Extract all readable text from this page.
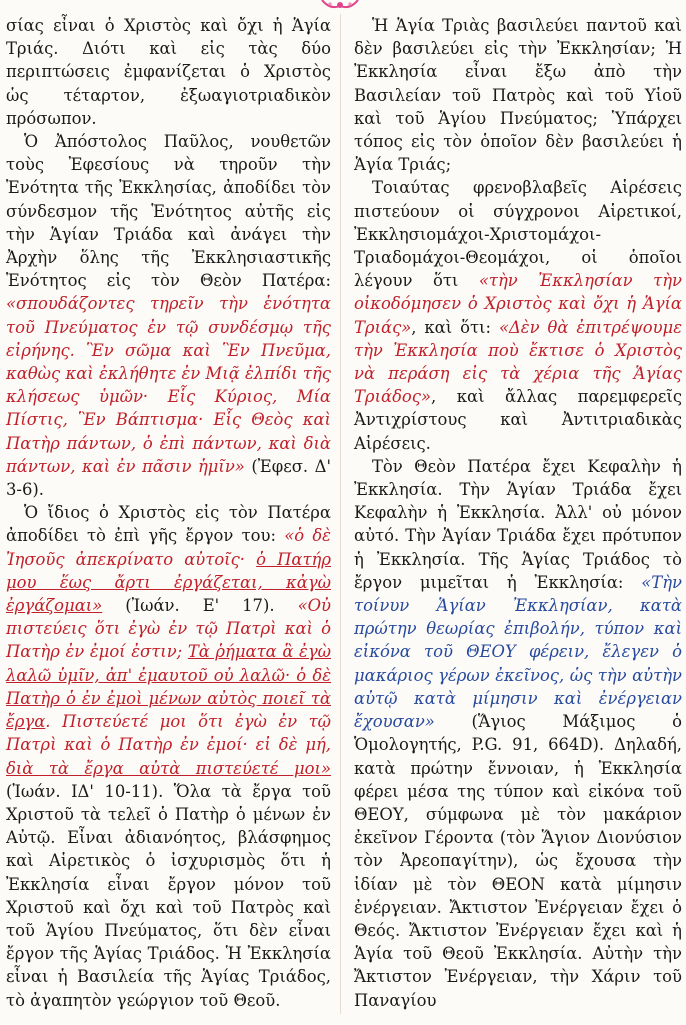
σίας εἶναι ὁ Χριστὸς καὶ ὄχι ἡ Ἁγία Τριάς. Διότι καὶ εἰς τὰς δύο περιπτώσεις ἐμφανίζεται ὁ Χριστὸς ὡς τέταρτον, ἐξωαγιοτριαδικὸν πρόσωπον.

Ὁ Ἀπόστολος Παῦλος, νουθετῶν τοὺς Ἐφεσίους νὰ τηροῦν τὴν Ἑνότητα τῆς Ἐκκλησίας, ἀποδίδει τὸν σύνδεσμον τῆς Ἑνότητος αὐτῆς εἰς τὴν Ἁγίαν Τριάδα καὶ ἀνάγει τὴν Ἀρχὴν ὅλης τῆς Ἐκκλησιαστικῆς Ἑνότητος εἰς τὸν Θεὸν Πατέρα: «σπουδάζοντες τηρεῖν τὴν ἑνότητα τοῦ Πνεύματος ἐν τῷ συνδέσμῳ τῆς εἰρήνης. Ἓν σῶμα καὶ Ἓν Πνεῦμα, καθὼς καὶ ἐκλήθητε ἐν Μιᾷ ἐλπίδι τῆς κλήσεως ὑμῶν· Εἷς Κύριος, Μία Πίστις, Ἓν Βάπτισμα· Εἷς Θεὸς καὶ Πατὴρ πάντων, ὁ ἐπὶ πάντων, καὶ διὰ πάντων, καὶ ἐν πᾶσιν ἡμῖν» (Ἐφεσ. Δ' 3-6).

Ὁ ἴδιος ὁ Χριστὸς εἰς τὸν Πατέρα ἀποδίδει τὸ ἐπὶ γῆς ἔργον του: «ὁ δὲ Ἰησοῦς ἀπεκρίνατο αὐτοῖς· ὁ Πατήρ μου ἕως ἄρτι ἐργάζεται, κἀγὼ ἐργάζομαι» (Ἰωάν. Ε' 17). «Οὐ πιστεύεις ὅτι ἐγὼ ἐν τῷ Πατρὶ καὶ ὁ Πατὴρ ἐν ἐμοί ἐστιν; Τὰ ῥήματα ἃ ἐγὼ λαλῶ ὑμῖν, ἀπ' ἐμαυτοῦ οὐ λαλῶ· ὁ δὲ Πατὴρ ὁ ἐν ἐμοὶ μένων αὐτὸς ποιεῖ τὰ ἔργα. Πιστεύετέ μοι ὅτι ἐγὼ ἐν τῷ Πατρὶ καὶ ὁ Πατὴρ ἐν ἐμοί· εἰ δὲ μή, διὰ τὰ ἔργα αὐτὰ πιστεύετέ μοι» (Ἰωάν. ΙΔ' 10-11). Ὅλα τὰ ἔργα τοῦ Χριστοῦ τὰ τελεῖ ὁ Πατὴρ ὁ μένων ἐν Αὐτῷ. Εἶναι ἀδιανόητος, βλάσφημος καὶ Αἱρετικὸς ὁ ἰσχυρισμὸς ὅτι ἡ Ἐκκλησία εἶναι ἔργον μόνον τοῦ Χριστοῦ καὶ ὄχι καὶ τοῦ Πατρὸς καὶ τοῦ Ἁγίου Πνεύματος, ὅτι δὲν εἶναι ἔργον τῆς Ἁγίας Τριάδος. Ἡ Ἐκκλησία εἶναι ἡ Βασιλεία τῆς Ἁγίας Τριάδος, τὸ ἀγαπητὸν γεώργιον τοῦ Θεοῦ.

Ἡ Ἁγία Τριὰς βασιλεύει παντοῦ καὶ δὲν βασιλεύει εἰς τὴν Ἐκκλησίαν; Ἡ Ἐκκλησία εἶναι ἔξω ἀπὸ τὴν Βασιλείαν τοῦ Πατρὸς καὶ τοῦ Υἱοῦ καὶ τοῦ Ἁγίου Πνεύματος; Ὑπάρχει τόπος εἰς τὸν ὁποῖον δὲν βασιλεύει ἡ Ἁγία Τριάς;

Τοιαύτας φρενοβλαβεῖς Αἱρέσεις πιστεύουν οἱ σύγχρονοι Αἱρετικοί, Ἐκκλησιομάχοι-Χριστομάχοι-Τριαδομάχοι-Θεομάχοι, οἱ ὁποῖοι λέγουν ὅτι «τὴν Ἐκκλησίαν τὴν οἰκοδόμησεν ὁ Χριστὸς καὶ ὄχι ἡ Ἁγία Τριάς», καὶ ὅτι: «Δὲν θὰ ἐπιτρέψουμε τὴν Ἐκκλησία ποὺ ἔκτισε ὁ Χριστὸς νὰ περάση εἰς τὰ χέρια τῆς Ἁγίας Τριάδος», καὶ ἄλλας παρεμφερεῖς Ἀντιχρίστους καὶ Ἀντιτριαδικὰς Αἱρέσεις.

Τὸν Θεὸν Πατέρα ἔχει Κεφαλὴν ἡ Ἐκκλησία. Τὴν Ἁγίαν Τριάδα ἔχει Κεφαλὴν ἡ Ἐκκλησία. Ἀλλ' οὐ μόνον αὐτό. Τὴν Ἁγίαν Τριάδα ἔχει πρότυπον ἡ Ἐκκλησία. Τῆς Ἁγίας Τριάδος τὸ ἔργον μιμεῖται ἡ Ἐκκλησία: «Τὴν τοίνυν Ἁγίαν Ἐκκλησίαν, κατὰ πρώτην θεωρίας ἐπιβολήν, τύπον καὶ εἰκόνα τοῦ ΘΕΟΥ φέρειν, ἔλεγεν ὁ μακάριος γέρων ἐκεῖνος, ὡς τὴν αὐτὴν αὐτῷ κατὰ μίμησιν καὶ ἐνέργειαν ἔχουσαν» (Ἅγιος Μάξιμος ὁ Ὁμολογητής, P.G. 91, 664D). Δηλαδή, κατὰ πρώτην ἔννοιαν, ἡ Ἐκκλησία φέρει μέσα της τύπον καὶ εἰκόνα τοῦ ΘΕΟΥ, σύμφωνα μὲ τὸν μακάριον ἐκεῖνον Γέροντα (τὸν Ἅγιον Διονύσιον τὸν Ἀρεοπαγίτην), ὡς ἔχουσα τὴν ἰδίαν μὲ τὸν ΘΕΟΝ κατὰ μίμησιν ἐνέργειαν. Ἄκτιστον Ἐνέργειαν ἔχει ὁ Θεός. Ἄκτιστον Ἐνέργειαν ἔχει καὶ ἡ Ἁγία τοῦ Θεοῦ Ἐκκλησία. Αὐτὴν τὴν Ἄκτιστον Ἐνέργειαν, τὴν Χάριν τοῦ Παναγίου
